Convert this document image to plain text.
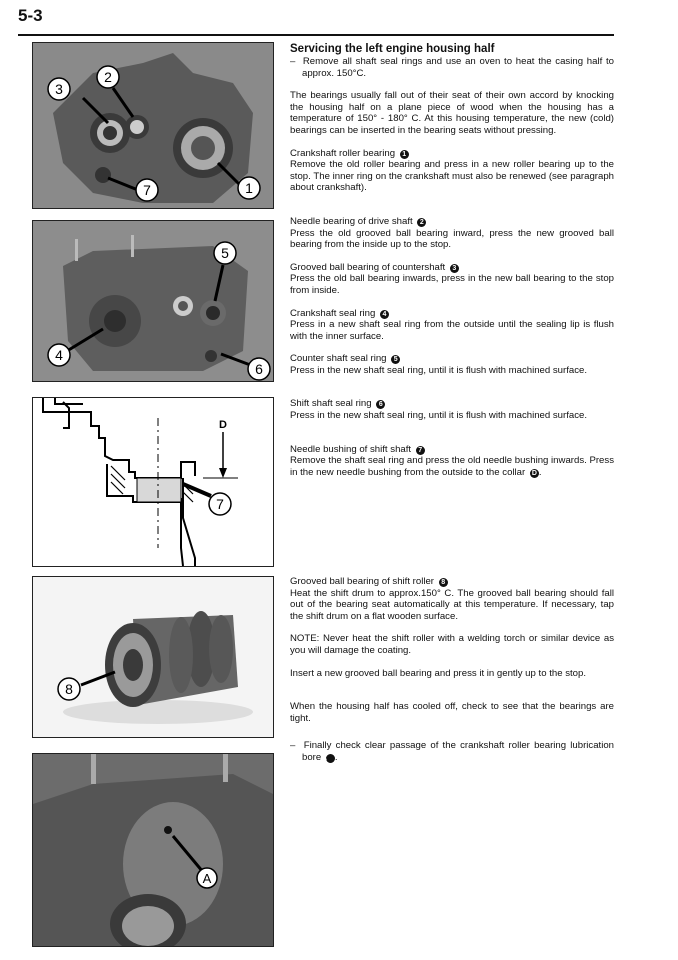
5-3
3
2
1
7
4
5
6
D
7
8
A

Servicing the left engine housing half

–  Remove all shaft seal rings and use an oven to heat the casing half to approx. 150°C.

The bearings usually fall out of their seat of their own accord by knocking the housing half on a plane piece of wood when the housing has a temperature of 150° - 180° C. At this housing temperature, the new (cold) bearings can be inserted in the bearing seats without pressing.

Crankshaft roller bearing 1

Remove the old roller bearing and press in a new roller bearing up to the stop. The inner ring on the crankshaft must also be renewed (see paragraph about crankshaft).

Needle bearing of drive shaft 2

Press the old grooved ball bearing inward, press the new grooved ball bearing from the inside up to the stop.

Grooved ball bearing of countershaft 3

Press the old ball bearing inwards, press in the new ball bearing to the stop from inside.

Crankshaft seal ring 4

Press in a new shaft seal ring from the outside until the sealing lip is flush with the inner surface.

Counter shaft seal ring 5

Press in the new shaft seal ring, until it is flush with machined surface.

Shift shaft seal ring 6

Press in the new shaft seal ring, until it is flush with machined surface.

Needle bushing of shift shaft 7

Remove the shaft seal ring and press the old needle bushing inwards. Press in the new needle bushing from the outside to the collar D .

Grooved ball bearing of shift roller 8

Heat the shift drum to approx.150° C. The grooved ball bearing should fall out of the bearing seat automatically at this temperature. If necessary, tap the shift drum on a flat wooden surface.

NOTE: Never heat the shift roller with a welding torch or similar device as you will damage the coating.

Insert a new grooved ball bearing and press it in gently up to the stop.

When the housing half has cooled off, check to see that the bearings are tight.

–  Finally check clear passage of the crankshaft roller bearing lubrication bore A .
